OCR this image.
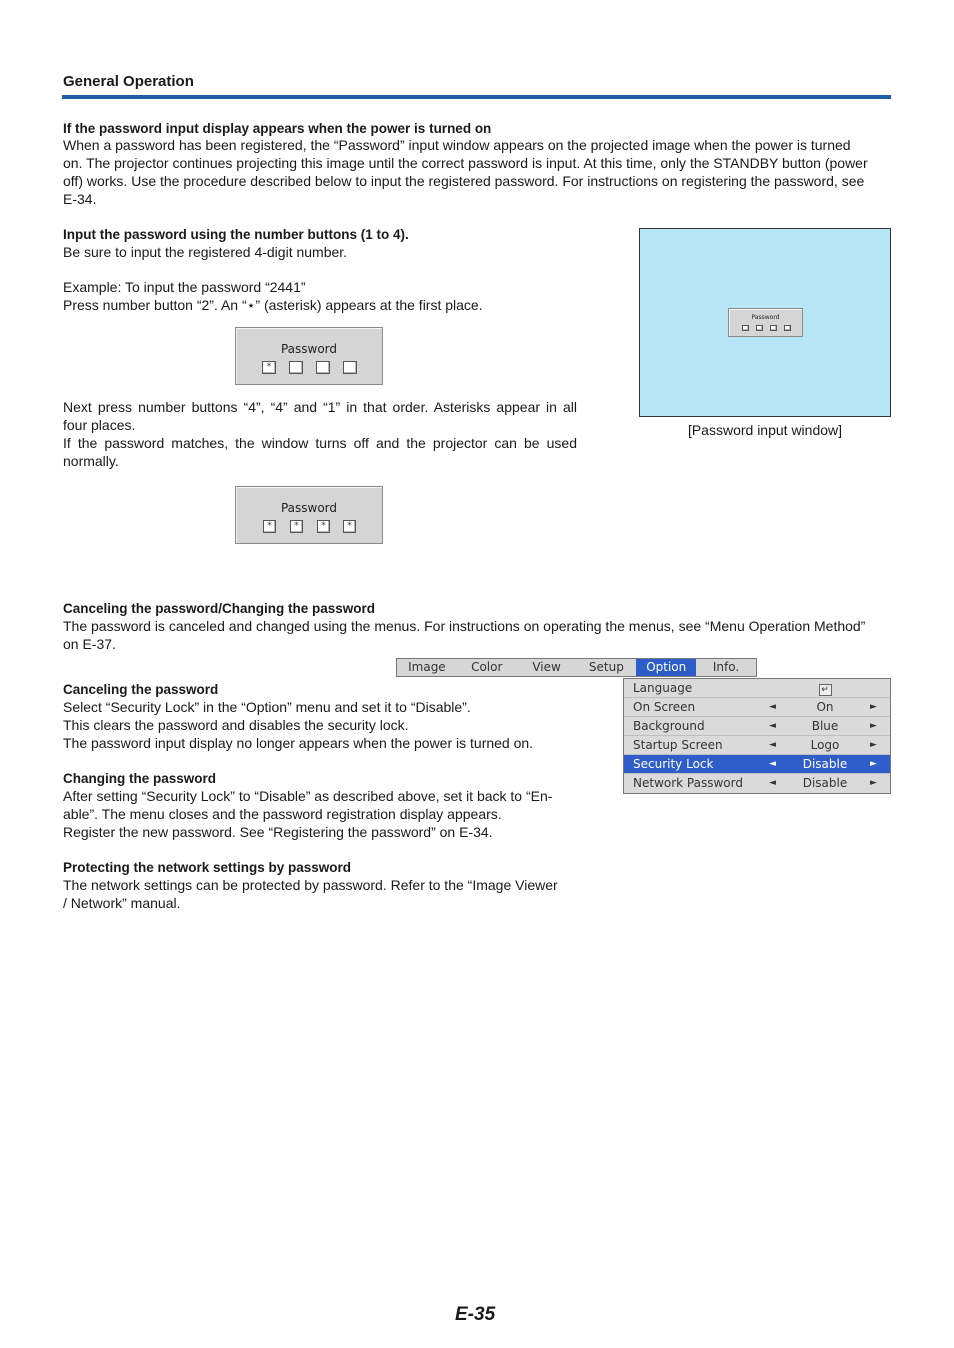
General Operation
If the password input display appears when the power is turned on
When a password has been registered, the “Password” input window appears on the projected image when the power is turned
on. The projector continues projecting this image until the correct password is input. At this time, only the STANDBY button (power
off) works. Use the procedure described below to input the registered password. For instructions on registering the password, see
E-34.
Input the password using the number buttons (1 to 4).
Be sure to input the registered 4-digit number.
Example: To input the password “2441”
Press number button “2”. An “⋆” (asterisk) appears at the first place.
Password
*
Next press number buttons “4”, “4” and “1” in that order. Asterisks appear in all
four places.
If the password matches, the window turns off and the projector can be used
normally.
Password
*	*	*	*
Password
[Password input window]
Canceling the password/Changing the password
The password is canceled and changed using the menus. For instructions on operating the menus, see “Menu Operation Method”
on E-37.
Canceling the password
Select “Security Lock” in the “Option” menu and set it to “Disable”.
This clears the password and disables the security lock.
The password input display no longer appears when the power is turned on.
Changing the password
After setting “Security Lock” to “Disable” as described above, set it back to “En-
able”. The menu closes and the password registration display appears.
Register the new password. See “Registering the password” on E-34.
Protecting the network settings by password
The network settings can be protected by password. Refer to the “Image Viewer
/ Network” manual.
Image	Color	View	Setup	Option	Info.
Language	↵
On Screen	◄	On	►
Background	◄	Blue	►
Startup Screen	◄	Logo	►
Security Lock	◄	Disable	►
Network Password	◄	Disable	►
E-35
